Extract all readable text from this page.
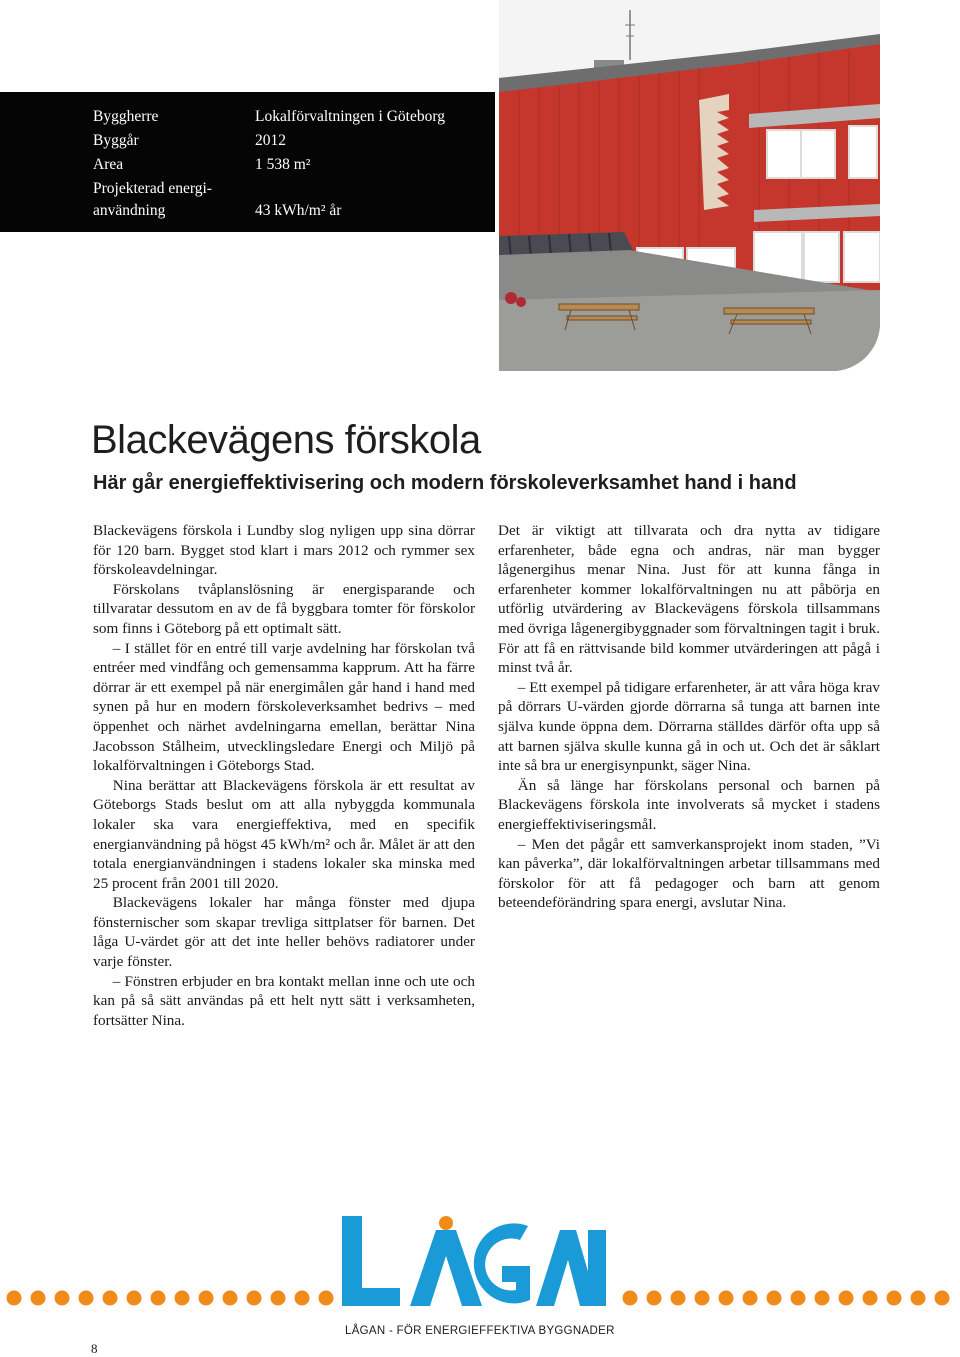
Byggherre	Lokalförvaltningen i Göteborg
Byggår	2012
Area	1 538 m²
Projekterad energi-
användning	43 kWh/m² år
Blackevägens förskola
Här går energieffektivisering och modern förskoleverksamhet hand i hand

Blackevägens förskola i Lundby slog nyligen upp sina dörrar för 120 barn. Bygget stod klart i mars 2012 och rymmer sex förskoleavdelningar.

Förskolans tvåplanslösning är energisparande och tillvaratar dessutom en av de få byggbara tomter för förskolor som finns i Göteborg på ett optimalt sätt.

– I stället för en entré till varje avdelning har förskolan två entréer med vindfång och gemensamma kapprum. Att ha färre dörrar är ett exempel på när energimålen går hand i hand med synen på hur en modern förskoleverksamhet bedrivs – med öppenhet och närhet avdelningarna emellan, berättar Nina Jacobsson Stålheim, utvecklingsledare Energi och Miljö på lokalförvaltningen i Göteborgs Stad.

Nina berättar att Blackevägens förskola är ett resultat av Göteborgs Stads beslut om att alla nybyggda kommunala lokaler ska vara energieffektiva, med en specifik energianvändning på högst 45 kWh/m² och år. Målet är att den totala energianvändningen i stadens lokaler ska minska med 25 procent från 2001 till 2020.

Blackevägens lokaler har många fönster med djupa fönsternischer som skapar trevliga sittplatser för barnen. Det låga U-värdet gör att det inte heller behövs radiatorer under varje fönster.

– Fönstren erbjuder en bra kontakt mellan inne och ute och kan på så sätt användas på ett helt nytt sätt i verksamheten, fortsätter Nina.

Det är viktigt att tillvarata och dra nytta av tidigare erfarenheter, både egna och andras, när man bygger lågenergihus menar Nina. Just för att kunna fånga in erfarenheter kommer lokalförvaltningen nu att påbörja en utförlig utvärdering av Blackevägens förskola tillsammans med övriga lågenergibyggnader som förvaltningen tagit i bruk. För att få en rättvisande bild kommer utvärderingen att pågå i minst två år.

– Ett exempel på tidigare erfarenheter, är att våra höga krav på dörrars U-värden gjorde dörrarna så tunga att barnen inte själva kunde öppna dem. Dörrarna ställdes därför ofta upp så att barnen själva skulle kunna gå in och ut. Och det är såklart inte så bra ur energisynpunkt, säger Nina.

Än så länge har förskolans personal och barnen på Blackevägens förskola inte involverats så mycket i stadens energieffektiviseringsmål.

– Men det pågår ett samverkansprojekt inom staden, ”Vi kan påverka”, där lokalförvaltningen arbetar tillsammans med förskolor för att få pedagoger och barn att genom beteendeförändring spara energi, avslutar Nina.

LÅGAN - FÖR ENERGIEFFEKTIVA BYGGNADER
8
